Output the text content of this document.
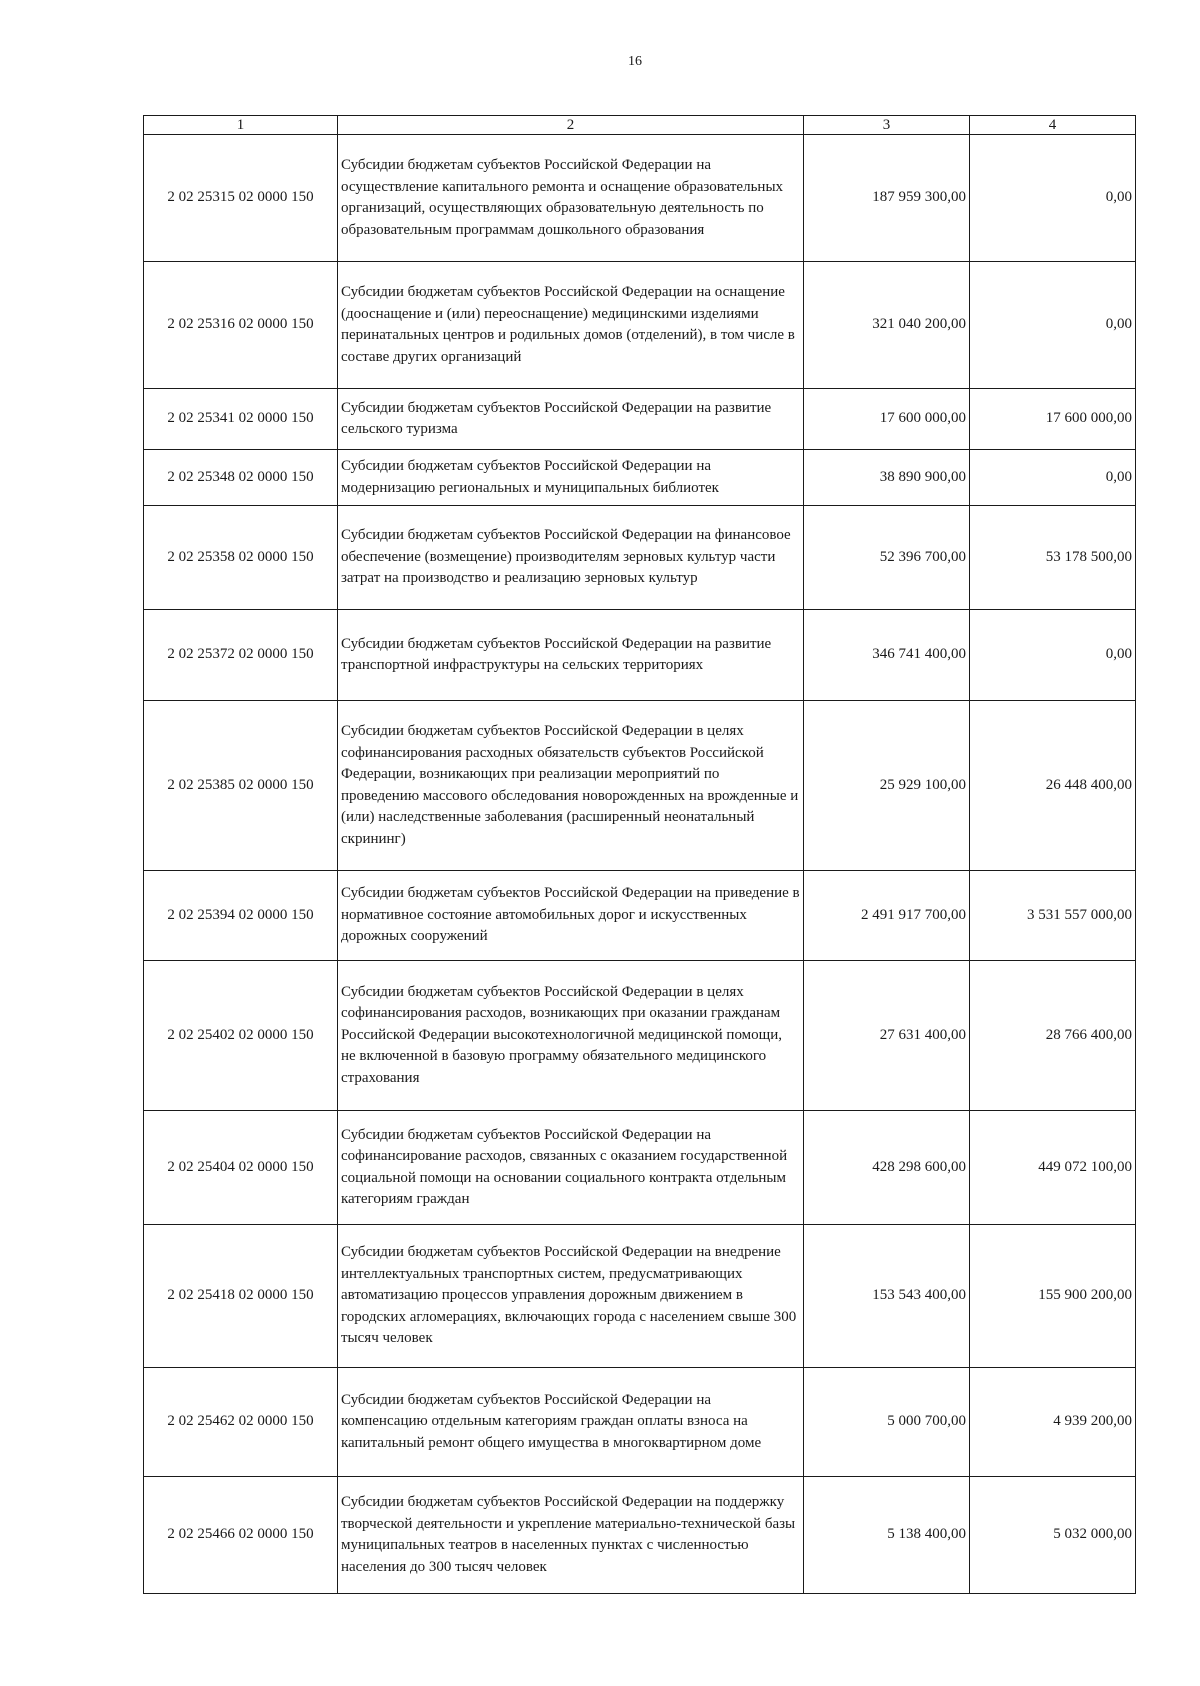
16
1	2	3	4
2 02 25315 02 0000 150	Субсидии бюджетам субъектов Российской Федерации на осуществление капитального ремонта и оснащение образовательных организаций, осуществляющих образовательную деятельность по образовательным программам дошкольного образования	187 959 300,00	0,00
2 02 25316 02 0000 150	Субсидии бюджетам субъектов Российской Федерации на оснащение (дооснащение и (или) переоснащение) медицинскими изделиями перинатальных центров и родильных домов (отделений), в том числе в составе других организаций	321 040 200,00	0,00
2 02 25341 02 0000 150	Субсидии бюджетам субъектов Российской Федерации на развитие сельского туризма	17 600 000,00	17 600 000,00
2 02 25348 02 0000 150	Субсидии бюджетам субъектов Российской Федерации на модернизацию региональных и муниципальных библиотек	38 890 900,00	0,00
2 02 25358 02 0000 150	Субсидии бюджетам субъектов Российской Федерации на финансовое обеспечение (возмещение) производителям зерновых культур части затрат на производство и реализацию зерновых культур	52 396 700,00	53 178 500,00
2 02 25372 02 0000 150	Субсидии бюджетам субъектов Российской Федерации на развитие транспортной инфраструктуры на сельских территориях	346 741 400,00	0,00
2 02 25385 02 0000 150	Субсидии бюджетам субъектов Российской Федерации в целях софинансирования расходных обязательств субъектов Российской Федерации, возникающих при реализации мероприятий по проведению массового обследования новорожденных на врожденные и (или) наследственные заболевания (расширенный неонатальный скрининг)	25 929 100,00	26 448 400,00
2 02 25394 02 0000 150	Субсидии бюджетам субъектов Российской Федерации на приведение в нормативное состояние автомобильных дорог и искусственных дорожных сооружений	2 491 917 700,00	3 531 557 000,00
2 02 25402 02 0000 150	Субсидии бюджетам субъектов Российской Федерации в целях софинансирования расходов, возникающих при оказании гражданам Российской Федерации высокотехнологичной медицинской помощи, не включенной в базовую программу обязательного медицинского страхования	27 631 400,00	28 766 400,00
2 02 25404 02 0000 150	Субсидии бюджетам субъектов Российской Федерации на софинансирование расходов, связанных с оказанием государственной социальной помощи на основании социального контракта отдельным категориям граждан	428 298 600,00	449 072 100,00
2 02 25418 02 0000 150	Субсидии бюджетам субъектов Российской Федерации на внедрение интеллектуальных транспортных систем, предусматривающих автоматизацию процессов управления дорожным движением в городских агломерациях, включающих города с населением свыше 300 тысяч человек	153 543 400,00	155 900 200,00
2 02 25462 02 0000 150	Субсидии бюджетам субъектов Российской Федерации на компенсацию отдельным категориям граждан оплаты взноса на капитальный ремонт общего имущества в многоквартирном доме	5 000 700,00	4 939 200,00
2 02 25466 02 0000 150	Субсидии бюджетам субъектов Российской Федерации на поддержку творческой деятельности и укрепление материально-технической базы муниципальных театров в населенных пунктах с численностью населения до 300 тысяч человек	5 138 400,00	5 032 000,00
